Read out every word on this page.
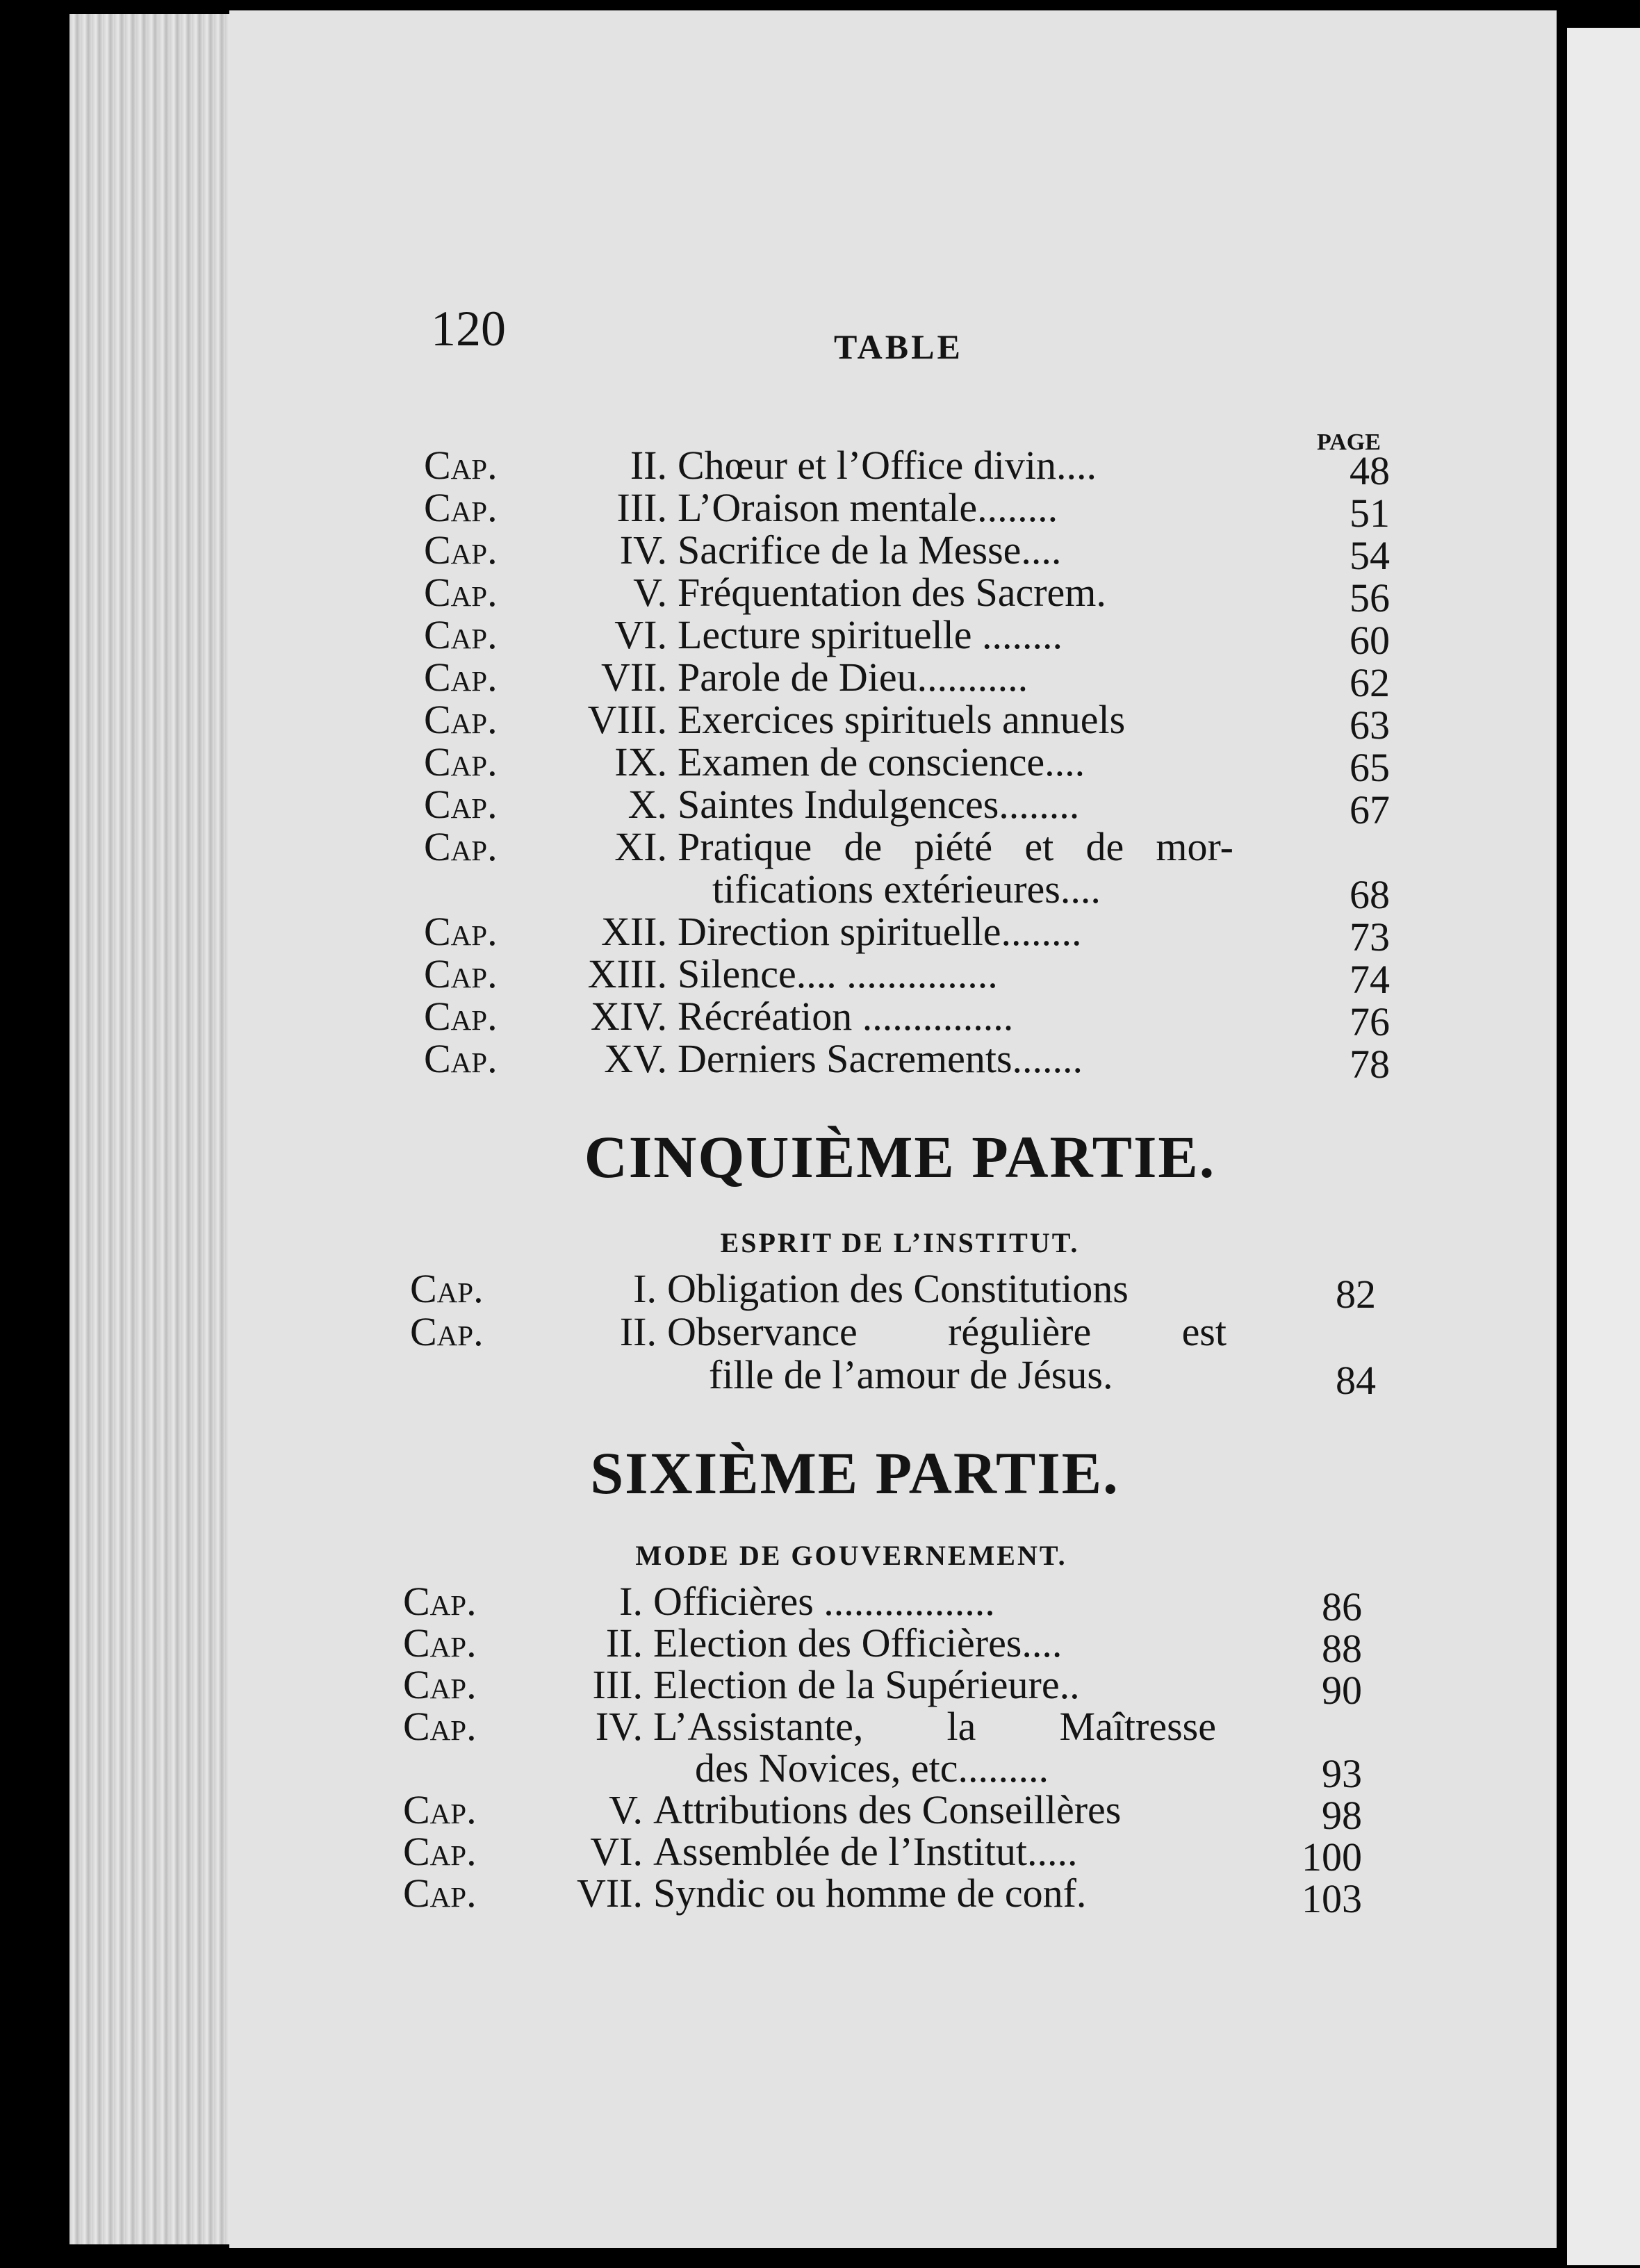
120	TABLE
PAGE
Cap.	II. Chœur et l’Office divin....	48
Cap.	III. L’Oraison mentale........	51
Cap.	IV. Sacrifice de la Messe....	54
Cap.	V. Fréquentation des Sacrem.	56
Cap.	VI. Lecture spirituelle ........	60
Cap.	VII. Parole de Dieu...........	62
Cap.	VIII. Exercices spirituels annuels	63
Cap.	IX. Examen de conscience....	65
Cap.	X. Saintes Indulgences........	67
Cap.	XI. Pratique de piété et de mor-
tifications extérieures....	68
Cap.	XII. Direction spirituelle........	73
Cap.	XIII. Silence.... ...............	74
Cap.	XIV. Récréation ...............	76
Cap.	XV. Derniers Sacrements.......	78
CINQUIÈME PARTIE.
ESPRIT DE L’INSTITUT.
Cap.	I. Obligation des Constitutions	82
Cap.	II. Observance régulière est
fille de l’amour de Jésus.	84
SIXIÈME PARTIE.
MODE DE GOUVERNEMENT.
Cap.	I. Officières .................	86
Cap.	II. Election des Officières....	88
Cap.	III. Election de la Supérieure..	90
Cap.	IV. L’Assistante, la Maîtresse
des Novices, etc.........	93
Cap.	V. Attributions des Conseillères	98
Cap.	VI. Assemblée de l’Institut.....	100
Cap.	VII. Syndic ou homme de conf.	103
